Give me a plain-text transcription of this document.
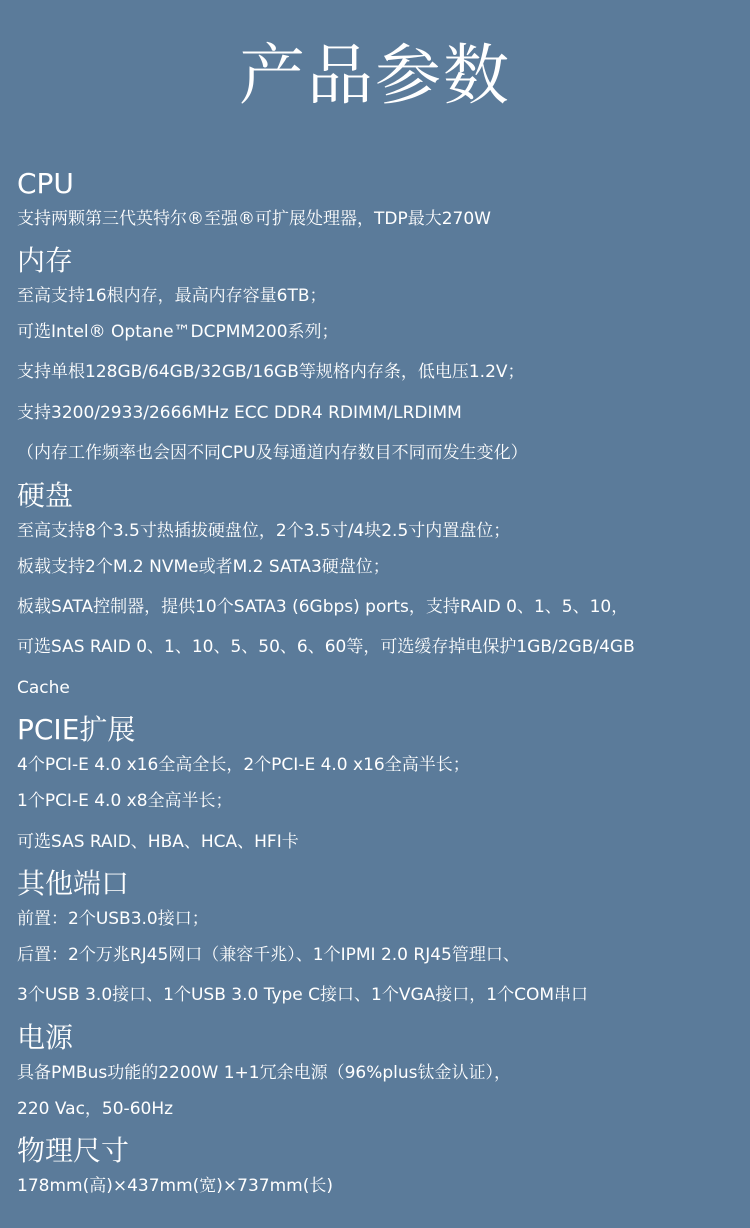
产品参数
CPU

支持两颗第三代英特尔®至强®可扩展处理器，TDP最大270W

内存

至高支持16根内存，最高内存容量6TB；

可选Intel® Optane™DCPMM200系列；

支持单根128GB/64GB/32GB/16GB等规格内存条，低电压1.2V；

支持3200/2933/2666MHz ECC DDR4 RDIMM/LRDIMM

（内存工作频率也会因不同CPU及每通道内存数目不同而发生变化）

硬盘

至高支持8个3.5寸热插拔硬盘位，2个3.5寸/4块2.5寸内置盘位；

板载支持2个M.2 NVMe或者M.2 SATA3硬盘位；

板载SATA控制器，提供10个SATA3 (6Gbps) ports，支持RAID 0、1、5、10，

可选SAS RAID 0、1、10、5、50、6、60等，可选缓存掉电保护1GB/2GB/4GB

Cache

PCIE扩展

4个PCI-E 4.0 x16全高全长，2个PCI-E 4.0 x16全高半长；

1个PCI-E 4.0 x8全高半长；

可选SAS RAID、HBA、HCA、HFI卡

其他端口

前置：2个USB3.0接口；

后置：2个万兆RJ45网口（兼容千兆）、1个IPMI 2.0 RJ45管理口、

3个USB 3.0接口、1个USB 3.0 Type C接口、1个VGA接口，1个COM串口

电源

具备PMBus功能的2200W 1+1冗余电源（96%plus钛金认证），

220 Vac，50-60Hz

物理尺寸

178mm(高)×437mm(宽)×737mm(长)
